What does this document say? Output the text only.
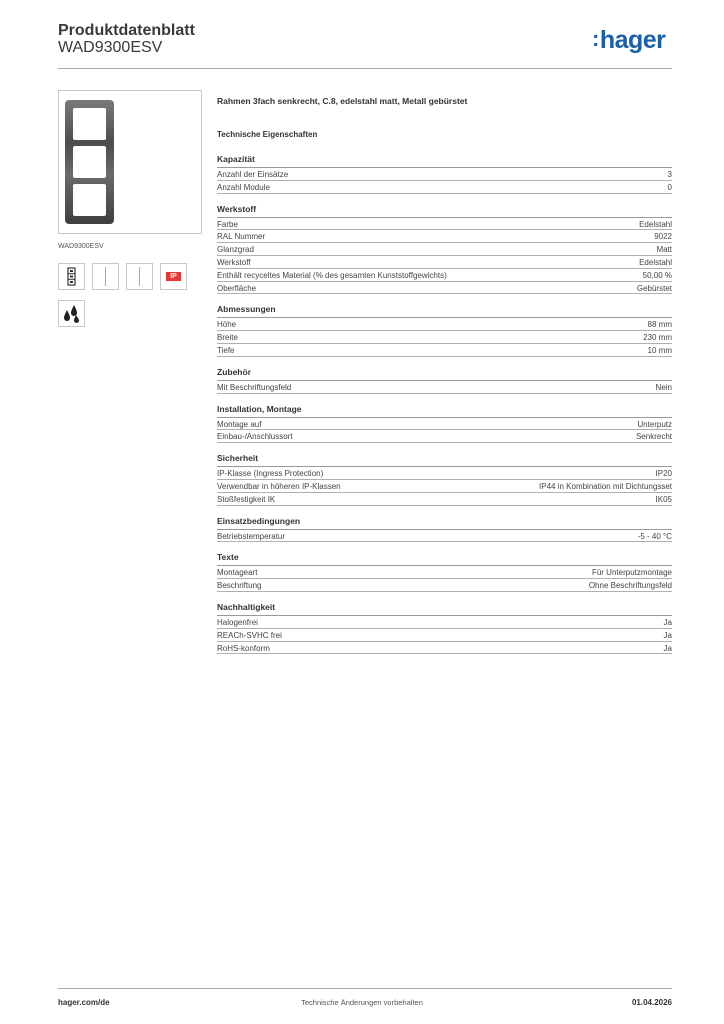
Produktdatenblatt
WAD9300ESV	:hager
WAD9300ESV
IP
Rahmen 3fach senkrecht, C.8, edelstahl matt, Metall gebürstet
Technische Eigenschaften
Kapazität
Anzahl der Einsätze	3
Anzahl Module	0
Werkstoff
Farbe	Edelstahl
RAL Nummer	9022
Glanzgrad	Matt
Werkstoff	Edelstahl
Enthält recyceltes Material (% des gesamten Kunststoffgewichts)	50,00 %
Oberfläche	Gebürstet
Abmessungen
Höhe	88 mm
Breite	230 mm
Tiefe	10 mm
Zubehör
Mit Beschriftungsfeld	Nein
Installation, Montage
Montage auf	Unterputz
Einbau-/Anschlussort	Senkrecht
Sicherheit
IP-Klasse (Ingress Protection)	IP20
Verwendbar in höheren IP-Klassen	IP44 in Kombination mit Dichtungsset
Stoßfestigkeit IK	IK05
Einsatzbedingungen
Betriebstemperatur	-5 - 40 °C
Texte
Montageart	Für Unterputzmontage
Beschriftung	Ohne Beschriftungsfeld
Nachhaltigkeit
Halogenfrei	Ja
REACh-SVHC frei	Ja
RoHS-konform	Ja
hager.com/de	Technische Änderungen vorbehalten	01.04.2026
